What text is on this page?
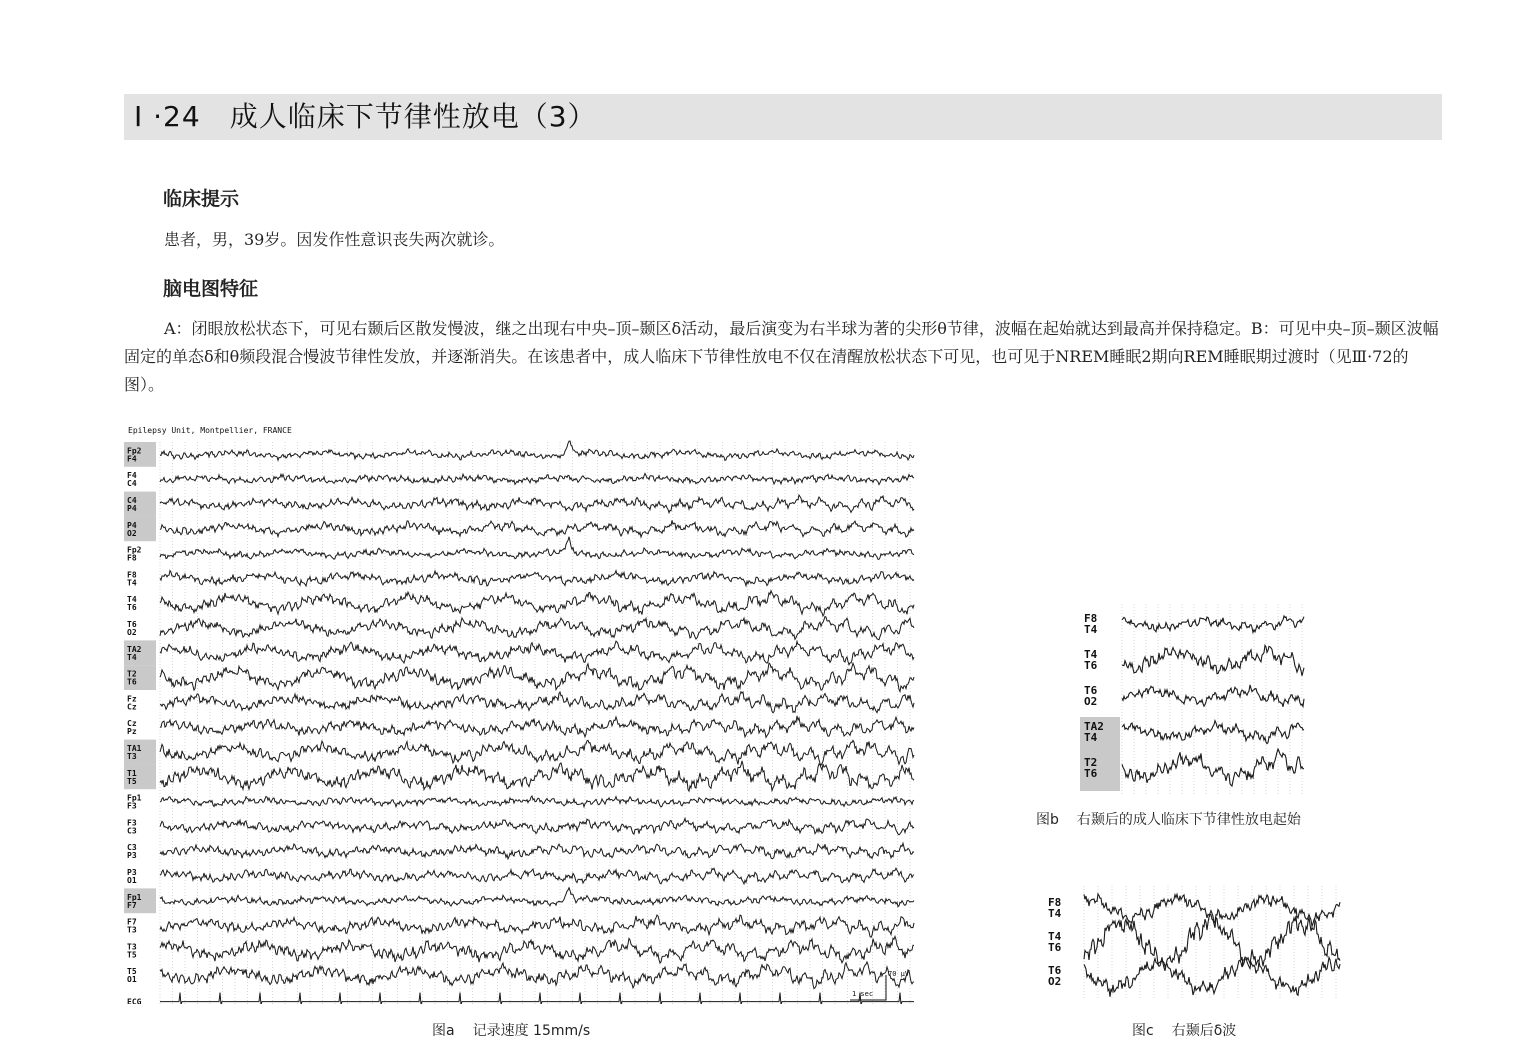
Ⅰ ·24　成人临床下节律性放电（3）
临床提示
患者，男，39岁。因发作性意识丧失两次就诊。
脑电图特征
A：闭眼放松状态下，可见右颞后区散发慢波，继之出现右中央–顶–颞区δ活动，最后演变为右半球为著的尖形θ节律，波幅在起始就达到最高并保持稳定。B：可见中央–顶–颞区波幅固定的单态δ和θ频段混合慢波节律性发放，并逐渐消失。在该患者中，成人临床下节律性放电不仅在清醒放松状态下可见，也可见于NREM睡眠2期向REM睡眠期过渡时（见Ⅲ·72的图）。
Epilepsy Unit, Montpellier, FRANCE
Fp2
F4
F4
C4
C4
P4
P4
O2
Fp2
F8
F8
T4
T4
T6
T6
O2
TA2
T4
T2
T6
Fz
Cz
Cz
Pz
TA1
T3
T1
T5
Fp1
F3
F3
C3
C3
P3
P3
O1
Fp1
F7
F7
T3
T3
T5
T5
O1
ECG
1 sec
70 µV
图a 记录速度 15mm/s
F8
T4
T4
T6
T6
O2
TA2
T4
T2
T6
图b 右颞后的成人临床下节律性放电起始
F8
T4
T4
T6
T6
O2
图c 右颞后δ波
